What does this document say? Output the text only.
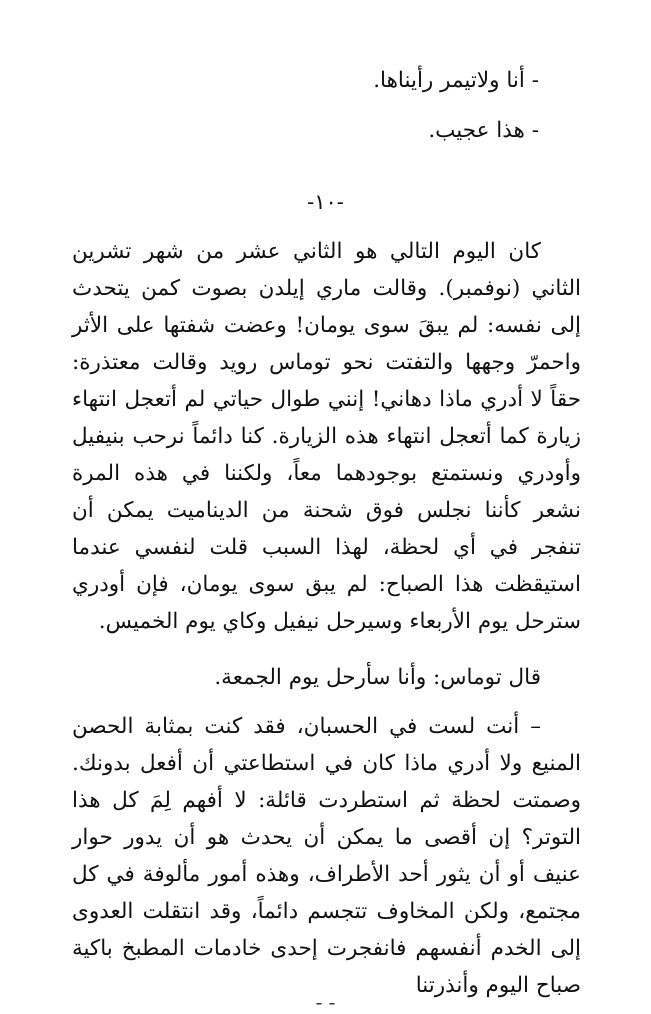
- أنا ولاتيمر رأيناها.
- هذا عجيب.
-١٠-
كان اليوم التالي هو الثاني عشر من شهر تشرين الثاني (نوفمبر). وقالت ماري إيلدن بصوت كمن يتحدث إلى نفسه: لم يبقَ سوى يومان! وعضت شفتها على الأثر واحمرّ وجهها والتفتت نحو توماس رويد وقالت معتذرة: حقاً لا أدري ماذا دهاني! إنني طوال حياتي لم أتعجل انتهاء زيارة كما أتعجل انتهاء هذه الزيارة. كنا دائماً نرحب بنيفيل وأودري ونستمتع بوجودهما معاً، ولكننا في هذه المرة نشعر كأننا نجلس فوق شحنة من الديناميت يمكن أن تنفجر في أي لحظة، لهذا السبب قلت لنفسي عندما استيقظت هذا الصباح: لم يبق سوى يومان، فإن أودري سترحل يوم الأربعاء وسيرحل نيفيل وكاي يوم الخميس.
قال توماس: وأنا سأرحل يوم الجمعة.
– أنت لست في الحسبان، فقد كنت بمثابة الحصن المنيع ولا أدري ماذا كان في استطاعتي أن أفعل بدونك. وصمتت لحظة ثم استطردت قائلة: لا أفهم لِمَ كل هذا التوتر؟ إن أقصى ما يمكن أن يحدث هو أن يدور حوار عنيف أو أن يثور أحد الأطراف، وهذه أمور مألوفة في كل مجتمع، ولكن المخاوف تتجسم دائماً، وقد انتقلت العدوى إلى الخدم أنفسهم فانفجرت إحدى خادمات المطبخ باكية صباح اليوم وأنذرتنا
- -
